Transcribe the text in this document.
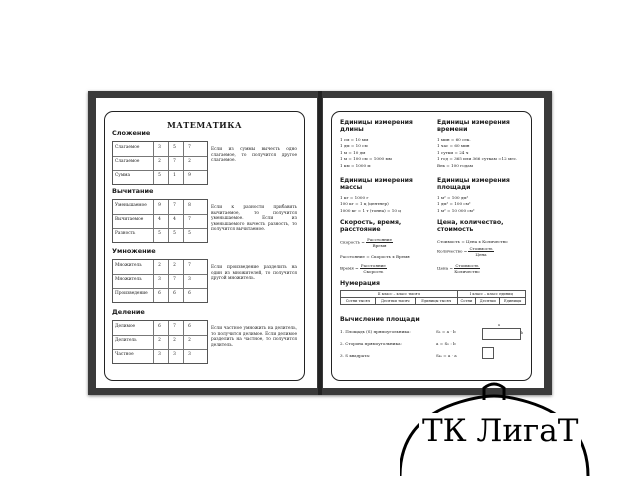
МАТЕМАТИКА
Сложение
Слагаемое	3	5	7
Слагаемое	2	7	2
Сумма	5	1	9
Если из суммы вычесть одно слагаемое, то получится другое слагаемое.
Вычитание
Уменьшаемое	9	7	8
Вычитаемое	4	4	7
Разность	5	5	5
Если к разности прибавить вычитаемое, то получится уменьшаемое. Если из уменьшаемого вычесть разность, то получится вычитаемое.
Умножение
Множитель	2	2	7
Множитель	3	7	3
Произведение	6	6	6
Если произведение разделить на один из множителей, то получится другой множитель.
Деление
Делимое	6	7	6
Делитель	2	2	2
Частное	3	3	3
Если частное умножить на делитель, то получится делимое. Если делимое разделить на частное, то получится делитель.
Единицы измерения длины
1 см = 10 мм
1 дм = 10 см
1 м = 10 дм
1 м = 100 см = 1000 мм
1 км = 1000 м
Единицы измерения времени
1 мин = 60 сек.
1 час = 60 мин
1 сутки = 24 ч
1 год = 365 или 366 суткам =12 мес.
Век = 100 годам
Единицы измерения массы
1 кг = 1000 г
100 кг = 1 ц (центнер)
1000 кг = 1 т (тонна) = 10 ц
Единицы измерения площади
1 м² = 100 дм²
1 дм² = 100 см²
1 м² = 10 000 см²
Скорость, время, расстояние
Скорость = $\frac{\text{Расстояние}}{\text{Время}}$
Расстояние = Скорость х Время
Время = $\frac{\text{Расстояние}}{\text{Скорость}}$
Цена, количество, стоимость
Стоимость = Цена х Количество
Количество = $\frac{\text{Стоимость}}{\text{Цена}}$
Цена = $\frac{\text{Стоимость}}{\text{Количество}}$
Нумерация
II класс – класс тысяч			I класс – класс единиц		
Сотни тысяч	Десятки тысяч	Единицы тысяч	Сотни	Десятки	Единицы
Вычисление площади
1. Площадь (S) прямоугольника:	Sₙ = a · b
2. Сторона прямоугольника:	a = Sₙ : b
3. S квадрата:	Sₖₔ = a · a
a
b
ТК ЛигаТ
